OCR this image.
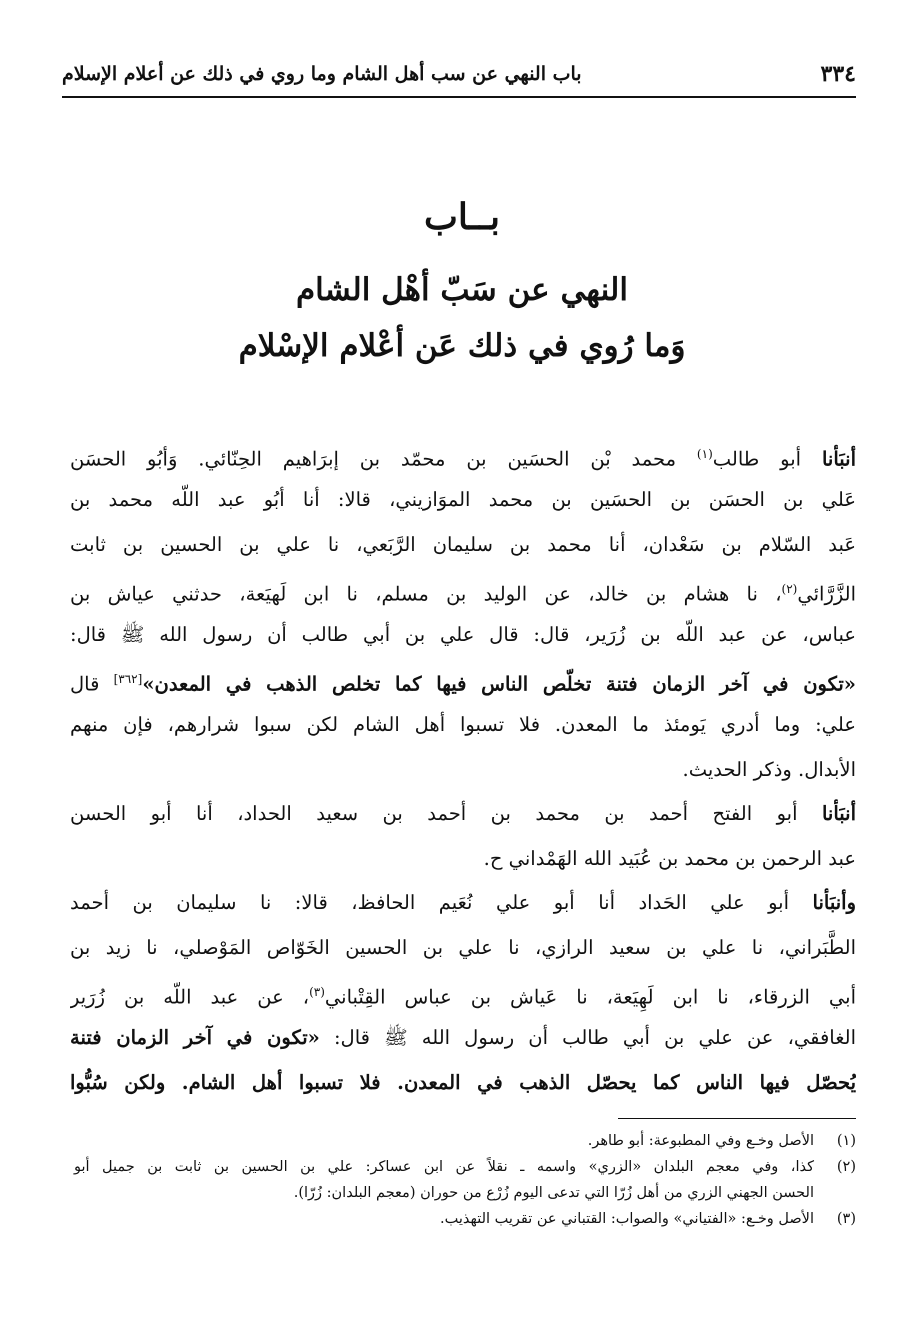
٣٣٤
باب النهي عن سب أهل الشام وما روي في ذلك عن أعلام الإسلام
بــاب
النهي عن سَبّ أهْل الشام
وَما رُوي في ذلك عَن أعْلام الإسْلام
أنبَأنا أبو طالب$^{(١)}$ محمد بْن الحسَين بن محمّد بن إبرَاهيم الحِنّائي. وَأبُو الحسَن
عَلي بن الحسَن بن الحسَين بن محمد الموَازيني، قالا: أنا أبُو عبد اللّه محمد بن
عَبد السّلام بن سَعْدان، أنا محمد بن سليمان الرَّبَعي، نا علي بن الحسين بن ثابت
الزَّرَّائي$^{(٢)}$، نا هشام بن خالد، عن الوليد بن مسلم، نا ابن لَهيَعة، حدثني عياش بن
عباس، عن عبد اللّه بن زُرَير، قال: قال علي بن أبي طالب أن رسول الله ﷺ قال:
«تكون في آخر الزمان فتنة تخلّص الناس فيها كما تخلص الذهب في المعدن»[٣٦٢] قال
علي: وما أدري يَومئذ ما المعدن. فلا تسبوا أهل الشام لكن سبوا شرارهم، فإن منهم
الأبدال. وذكر الحديث.
أنبَأنا أبو الفتح أحمد بن محمد بن أحمد بن سعيد الحداد، أنا أبو الحسن
عبد الرحمن بن محمد بن عُبَيد الله الهَمْداني ح.
وأنبَأنا أبو علي الحَداد أنا أبو علي نُعَيم الحافظ، قالا: نا سليمان بن أحمد
الطَّبَراني، نا علي بن سعيد الرازي، نا علي بن الحسين الخَوّاص المَوْصلي، نا زيد بن
أبي الزرقاء، نا ابن لَهِيَعة، نا عَياش بن عباس القِتْباني$^{(٣)}$، عن عبد اللّه بن زُرَير
الغافقي، عن علي بن أبي طالب أن رسول الله ﷺ قال: «تكون في آخر الزمان فتنة
يُحصّل فيها الناس كما يحصّل الذهب في المعدن. فلا تسبوا أهل الشام. ولكن سُبُّوا
(١)
الأصل وخـع وفي المطبوعة: أبو طاهر.
(٢)
كذا، وفي معجم البلدان «الزري» واسمه ـ نقلاً عن ابن عساكر: علي بن الحسين بن ثابت بن جميل أبو
الحسن الجهني الزري من أهل زُرّا التي تدعى اليوم زُرْع من حوران (معجم البلدان: زُرّا).
(٣)
الأصل وخـع: «الفتياني» والصواب: القتباني عن تقريب التهذيب.
